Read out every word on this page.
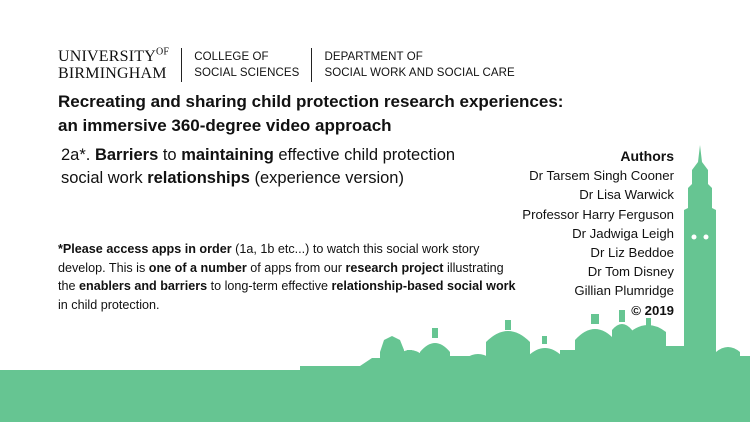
$UNIVERSITY^{OF}$
BIRMINGHAM
COLLEGE OF
SOCIAL SCIENCES
DEPARTMENT OF
SOCIAL WORK AND SOCIAL CARE
Recreating and sharing child protection research experiences:
an immersive 360-degree video approach
2a*. Barriers to maintaining effective child protection social work relationships (experience version)
Authors
Dr Tarsem Singh Cooner
Dr Lisa Warwick
Professor Harry Ferguson
Dr Jadwiga Leigh
Dr Liz Beddoe
Dr Tom Disney
Gillian Plumridge
© 2019
*Please access apps in order (1a, 1b etc...) to watch this social work story develop. This is one of a number of apps from our research project illustrating the enablers and barriers to long-term effective relationship-based social work in child protection.
